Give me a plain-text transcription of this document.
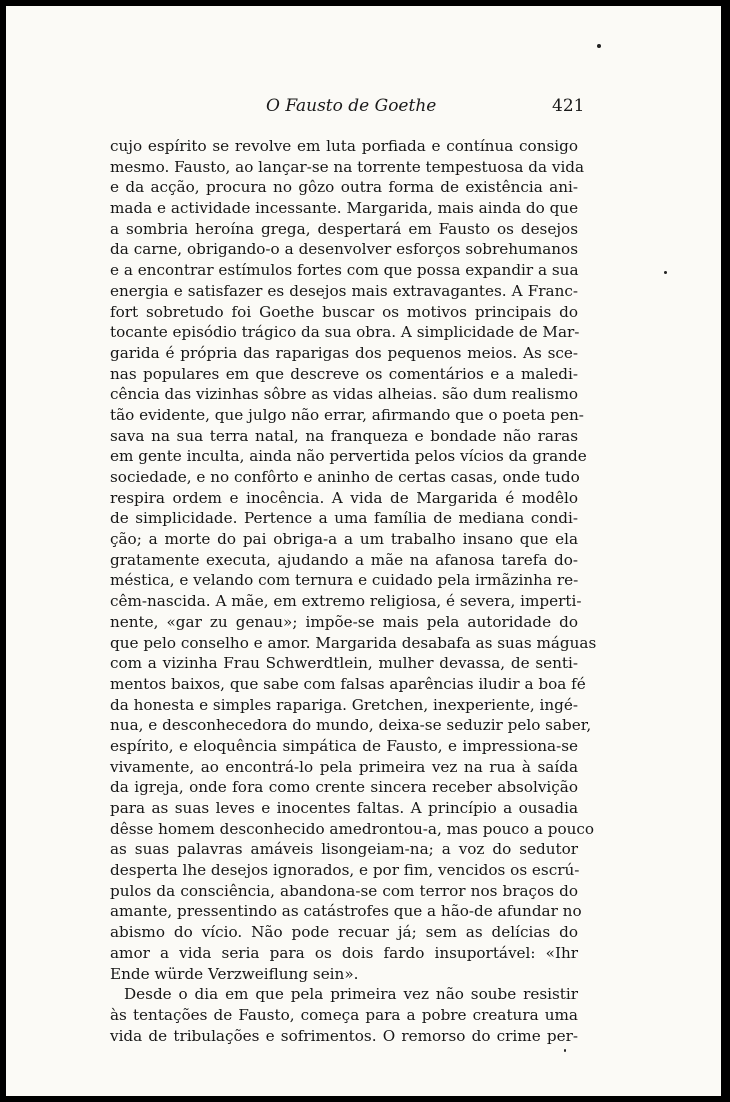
O Fausto de Goethe	421
cujo espírito se revolve em luta porfiada e contínua consigo
mesmo. Fausto, ao lançar-se na torrente tempestuosa da vida
e da acção, procura no gôzo outra forma de existência ani-
mada e actividade incessante. Margarida, mais ainda do que
a sombria heroína grega, despertará em Fausto os desejos
da carne, obrigando-o a desenvolver esforços sobrehumanos
e a encontrar estímulos fortes com que possa expandir a sua
energia e satisfazer es desejos mais extravagantes. A Franc-
fort sobretudo foi Goethe buscar os motivos principais do
tocante episódio trágico da sua obra. A simplicidade de Mar-
garida é própria das raparigas dos pequenos meios. As sce-
nas populares em que descreve os comentários e a maledi-
cência das vizinhas sôbre as vidas alheias. são dum realismo
tão evidente, que julgo não errar, afirmando que o poeta pen-
sava na sua terra natal, na franqueza e bondade não raras
em gente inculta, ainda não pervertida pelos vícios da grande
sociedade, e no confôrto e aninho de certas casas, onde tudo
respira ordem e inocência. A vida de Margarida é modêlo
de simplicidade. Pertence a uma família de mediana condi-
ção; a morte do pai obriga-a a um trabalho insano que ela
gratamente executa, ajudando a mãe na afanosa tarefa do-
méstica, e velando com ternura e cuidado pela irmãzinha re-
cêm-nascida. A mãe, em extremo religiosa, é severa, imperti-
nente, «gar zu genau»; impõe-se mais pela autoridade do
que pelo conselho e amor. Margarida desabafa as suas máguas
com a vizinha Frau Schwerdtlein, mulher devassa, de senti-
mentos baixos, que sabe com falsas aparências iludir a boa fé
da honesta e simples rapariga. Gretchen, inexperiente, ingé-
nua, e desconhecedora do mundo, deixa-se seduzir pelo saber,
espírito, e eloquência simpática de Fausto, e impressiona-se
vivamente, ao encontrá-lo pela primeira vez na rua à saída
da igreja, onde fora como crente sincera receber absolvição
para as suas leves e inocentes faltas. A princípio a ousadia
dêsse homem desconhecido amedrontou-a, mas pouco a pouco
as suas palavras amáveis lisongeiam-na; a voz do sedutor
desperta lhe desejos ignorados, e por fim, vencidos os escrú-
pulos da consciência, abandona-se com terror nos braços do
amante, pressentindo as catástrofes que a hão-de afundar no
abismo do vício. Não pode recuar já; sem as delícias do
amor a vida seria para os dois fardo insuportável: «Ihr
Ende würde Verzweiflung sein».
Desde o dia em que pela primeira vez não soube resistir
às tentações de Fausto, começa para a pobre creatura uma
vida de tribulações e sofrimentos. O remorso do crime per-
